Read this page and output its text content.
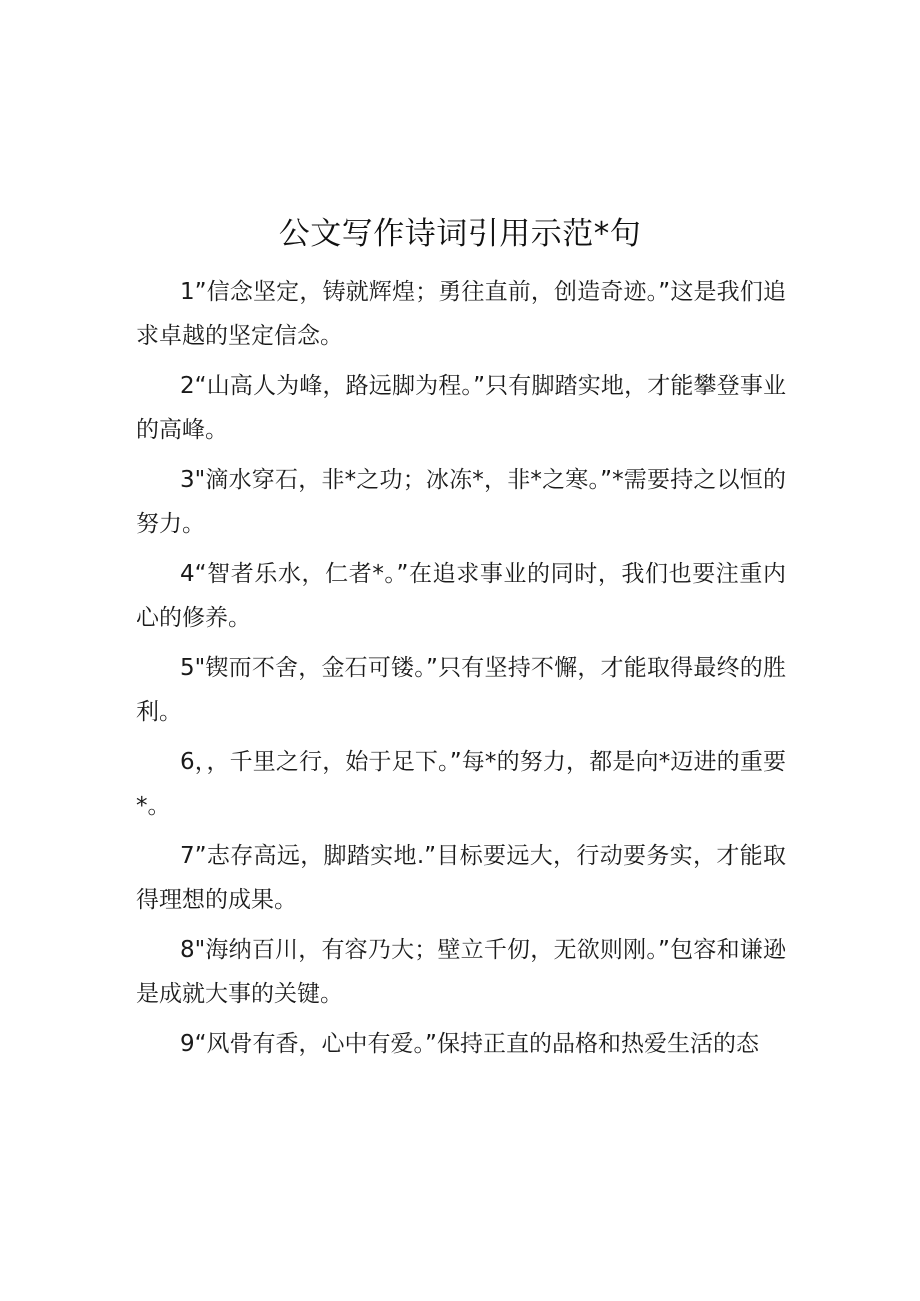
公文写作诗词引用示范*句
1”信念坚定，铸就辉煌；勇往直前，创造奇迹。”这是我们追求卓越的坚定信念。
2“山高人为峰，路远脚为程。”只有脚踏实地，才能攀登事业的高峰。
3"滴水穿石，非*之功；冰冻*，非*之寒。”*需要持之以恒的努力。
4“智者乐水，仁者*。”在追求事业的同时，我们也要注重内心的修养。
5"锲而不舍，金石可镂。”只有坚持不懈，才能取得最终的胜利。
6，，千里之行，始于足下。”每*的努力，都是向*迈进的重要*。
7”志存高远，脚踏实地.”目标要远大，行动要务实，才能取得理想的成果。
8"海纳百川，有容乃大；壁立千仞，无欲则刚。”包容和谦逊是成就大事的关键。
9“风骨有香，心中有爱。”保持正直的品格和热爱生活的态
